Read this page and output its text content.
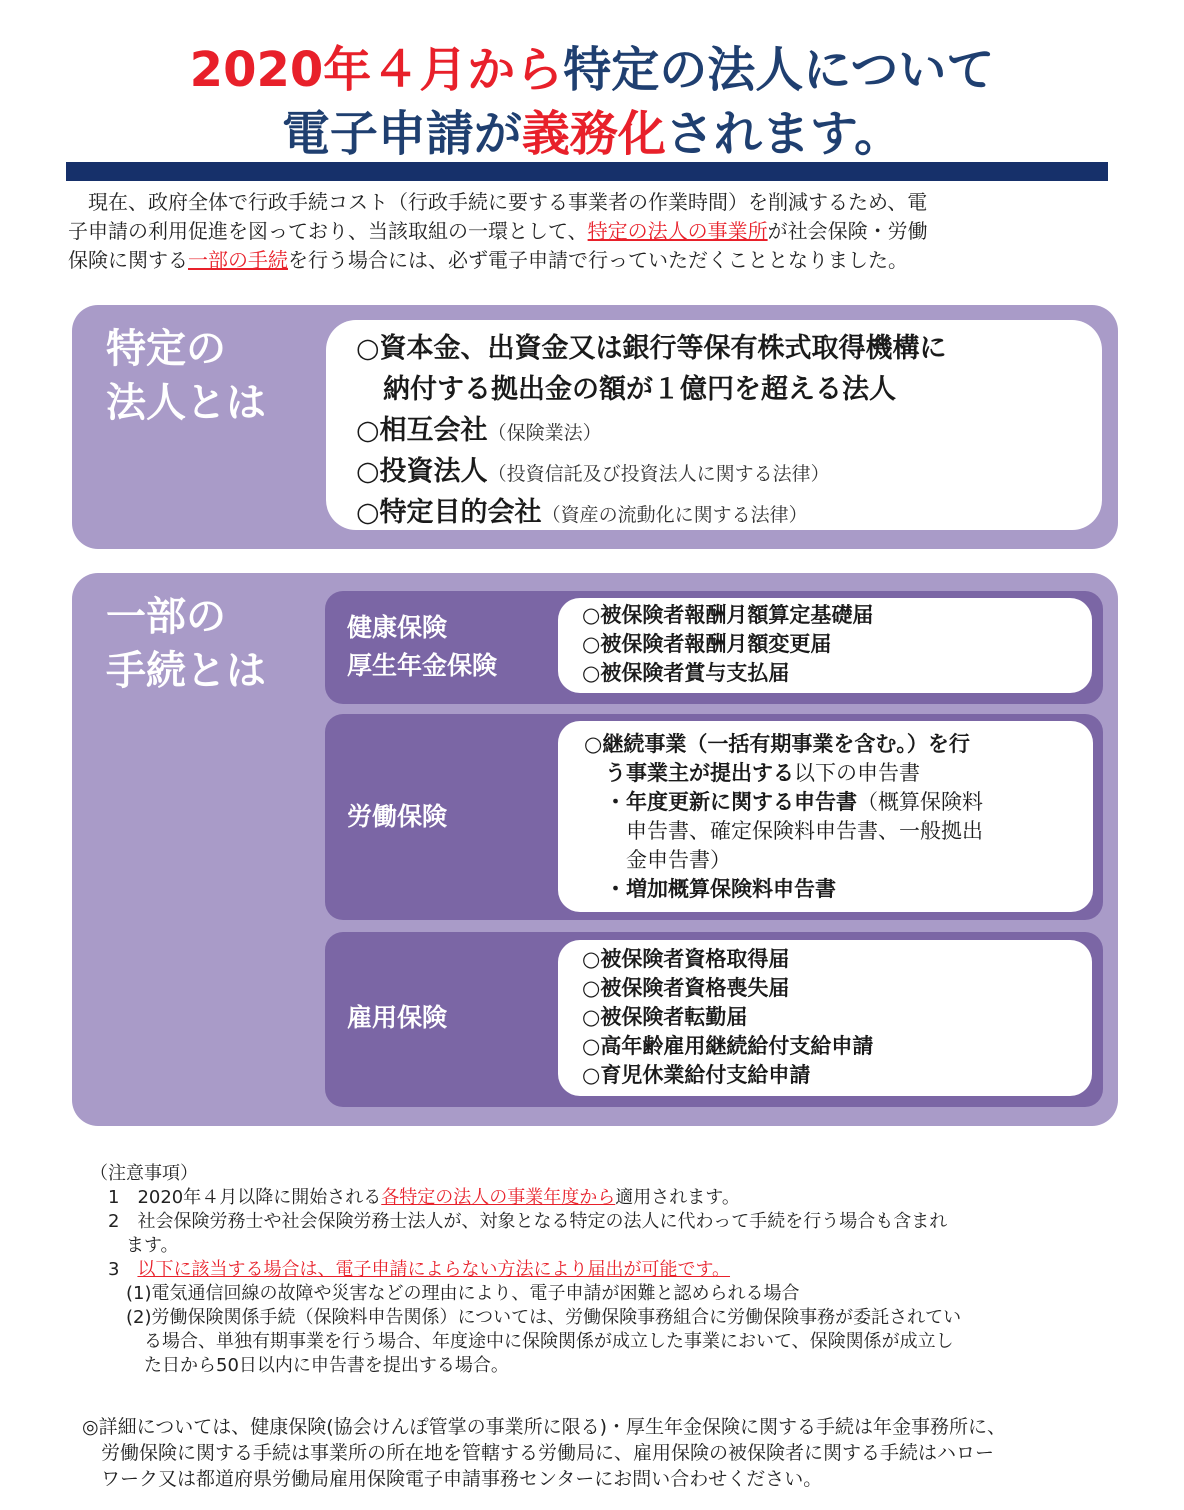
2020年４月から特定の法人について
電子申請が義務化されます。
　現在、政府全体で行政手続コスト（行政手続に要する事業者の作業時間）を削減するため、電
子申請の利用促進を図っており、当該取組の一環として、特定の法人の事業所が社会保険・労働
保険に関する一部の手続を行う場合には、必ず電子申請で行っていただくこととなりました。
特定の
法人とは
○資本金、出資金又は銀行等保有株式取得機構に
　納付する拠出金の額が１億円を超える法人
○相互会社（保険業法）
○投資法人（投資信託及び投資法人に関する法律）
○特定目的会社（資産の流動化に関する法律）
一部の
手続とは
健康保険
厚生年金保険
○被保険者報酬月額算定基礎届
○被保険者報酬月額変更届
○被保険者賞与支払届
労働保険
○継続事業（一括有期事業を含む。）を行
　う事業主が提出する以下の申告書
　・年度更新に関する申告書（概算保険料
　　申告書、確定保険料申告書、一般拠出
　　金申告書）
　・増加概算保険料申告書
雇用保険
○被保険者資格取得届
○被保険者資格喪失届
○被保険者転勤届
○高年齢雇用継続給付支給申請
○育児休業給付支給申請
（注意事項）
　1　2020年４月以降に開始される各特定の法人の事業年度から適用されます。
　2　社会保険労務士や社会保険労務士法人が、対象となる特定の法人に代わって手続を行う場合も含まれ
　　ます。
　3　以下に該当する場合は、電子申請によらない方法により届出が可能です。
　　(1)電気通信回線の故障や災害などの理由により、電子申請が困難と認められる場合
　　(2)労働保険関係手続（保険料申告関係）については、労働保険事務組合に労働保険事務が委託されてい
　　　る場合、単独有期事業を行う場合、年度途中に保険関係が成立した事業において、保険関係が成立し
　　　た日から50日以内に申告書を提出する場合。
◎詳細については、健康保険(協会けんぽ管掌の事業所に限る)・厚生年金保険に関する手続は年金事務所に、
　労働保険に関する手続は事業所の所在地を管轄する労働局に、雇用保険の被保険者に関する手続はハロー
　ワーク又は都道府県労働局雇用保険電子申請事務センターにお問い合わせください。
